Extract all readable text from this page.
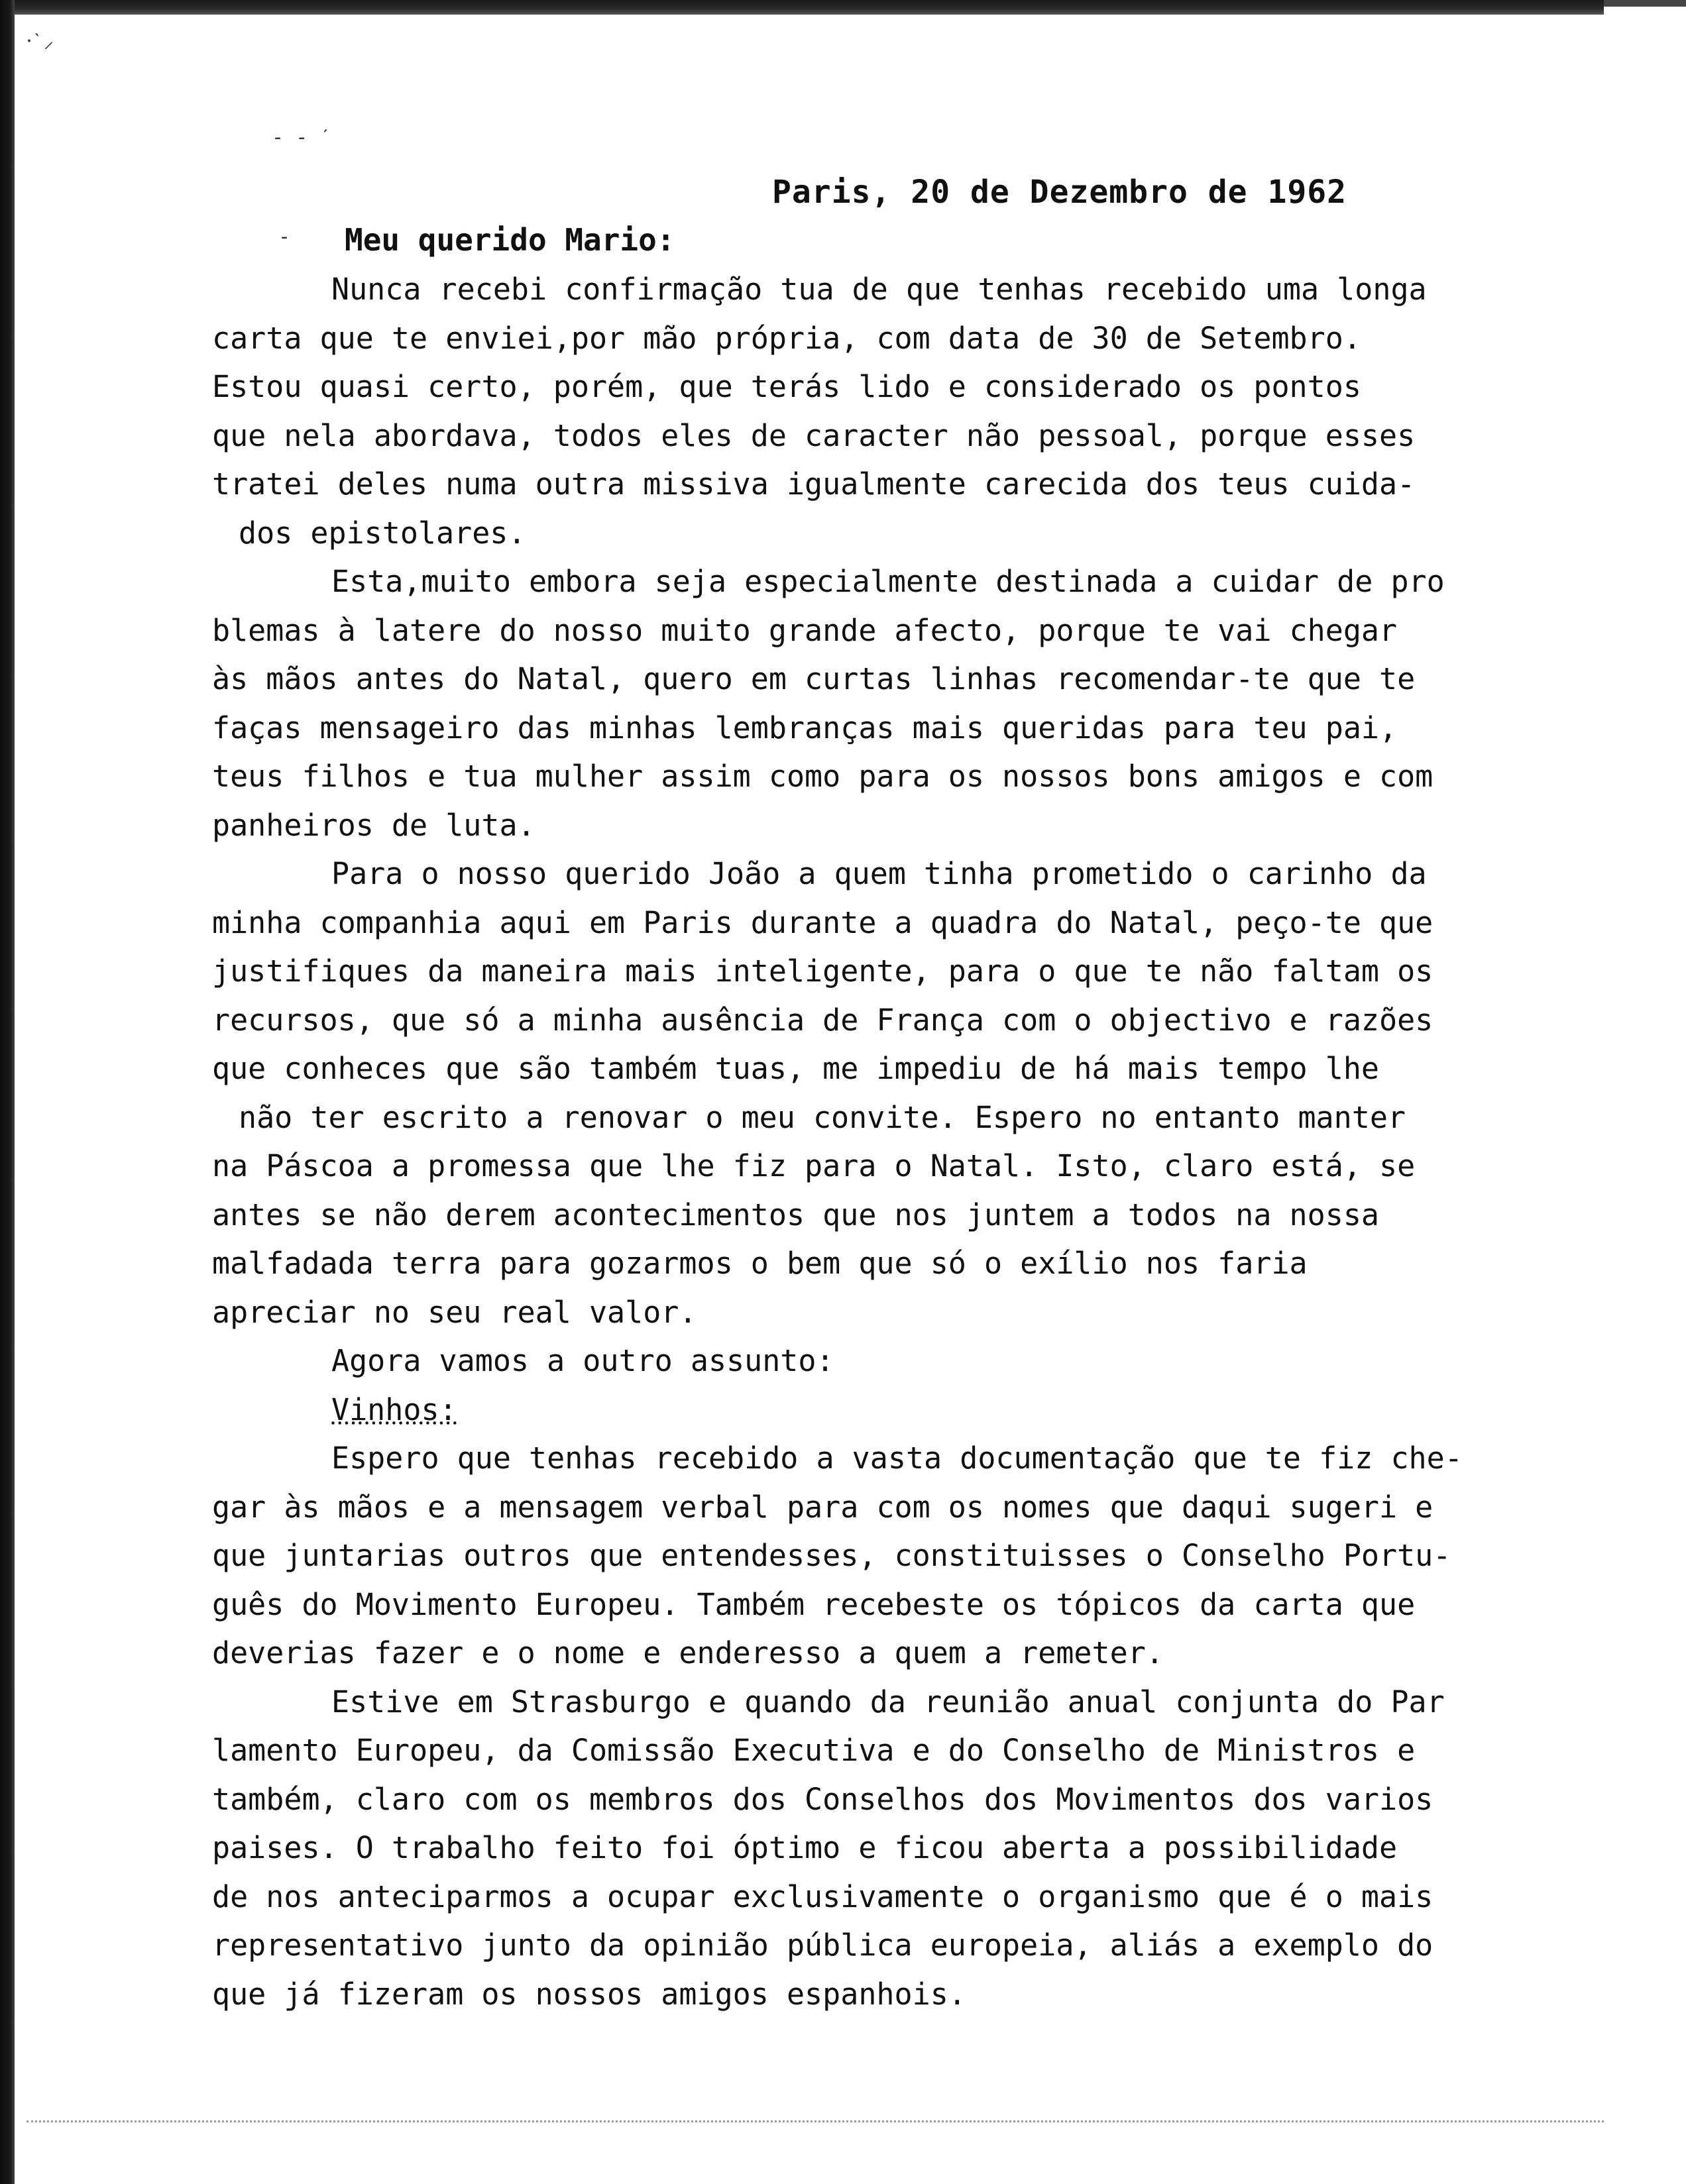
⸱ˋ⸝
‐ ‐ ˊ
-
Paris, 20 de Dezembro de 1962
Meu querido Mario:
Nunca recebi confirmação tua de que tenhas recebido uma longa
carta que te enviei,por mão própria, com data de 30 de Setembro.
Estou quasi certo, porém, que terás lido e considerado os pontos
que nela abordava, todos eles de caracter não pessoal, porque esses
tratei deles numa outra missiva igualmente carecida dos teus cuida-
dos epistolares.
Esta,muito embora seja especialmente destinada a cuidar de pro
blemas à latere do nosso muito grande afecto, porque te vai chegar
às mãos antes do Natal, quero em curtas linhas recomendar-te que te
faças mensageiro das minhas lembranças mais queridas para teu pai,
teus filhos e tua mulher assim como para os nossos bons amigos e com
panheiros de luta.
Para o nosso querido João a quem tinha prometido o carinho da
minha companhia aqui em Paris durante a quadra do Natal, peço-te que
justifiques da maneira mais inteligente, para o que te não faltam os
recursos, que só a minha ausência de França com o objectivo e razões
que conheces que são também tuas, me impediu de há mais tempo lhe
não ter escrito a renovar o meu convite. Espero no entanto manter
na Páscoa a promessa que lhe fiz para o Natal. Isto, claro está, se
antes se não derem acontecimentos que nos juntem a todos na nossa
malfadada terra para gozarmos o bem que só o exílio nos faria
apreciar no seu real valor.
Agora vamos a outro assunto:
Vinhos:
Espero que tenhas recebido a vasta documentação que te fiz che-
gar às mãos e a mensagem verbal para com os nomes que daqui sugeri e
que juntarias outros que entendesses, constituisses o Conselho Portu-
guês do Movimento Europeu. Também recebeste os tópicos da carta que
deverias fazer e o nome e enderesso a quem a remeter.
Estive em Strasburgo e quando da reunião anual conjunta do Par
lamento Europeu, da Comissão Executiva e do Conselho de Ministros e
também, claro com os membros dos Conselhos dos Movimentos dos varios
paises. O trabalho feito foi óptimo e ficou aberta a possibilidade
de nos anteciparmos a ocupar exclusivamente o organismo que é o mais
representativo junto da opinião pública europeia, aliás a exemplo do
que já fizeram os nossos amigos espanhois.
